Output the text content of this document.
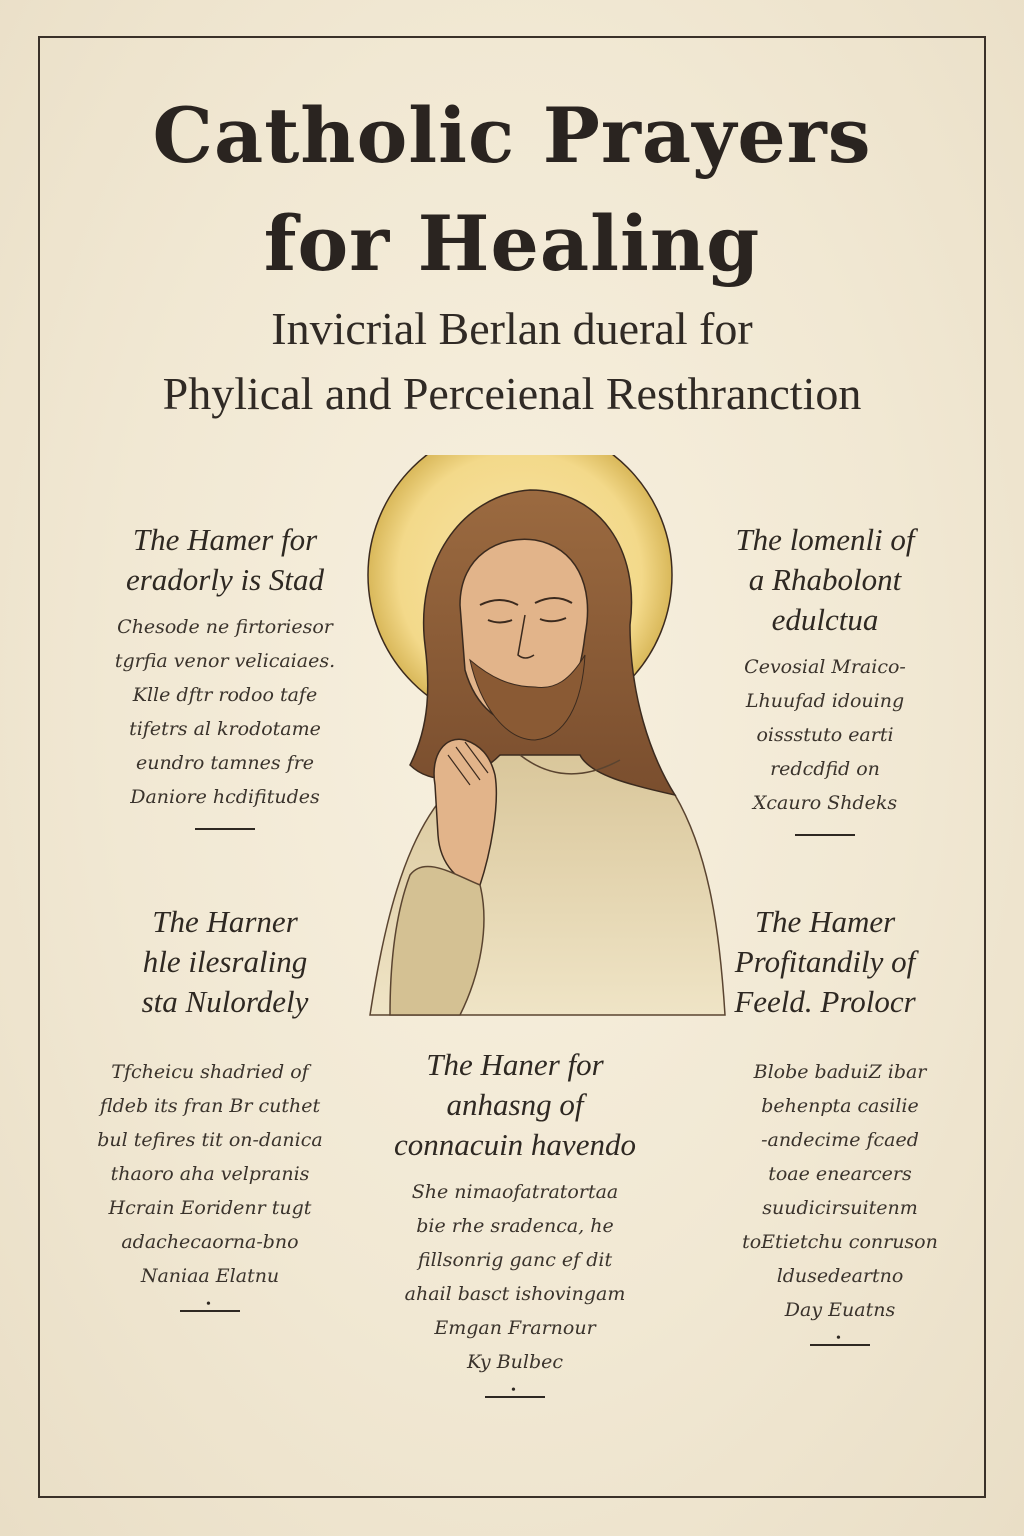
Catholic Prayers
for Healing
Invicrial Berlan dueral for
Phylical and Perceienal Resthranction
The Hamer for
eradorly is Stad
Chesode ne firtoriesor
tgrfia venor velicaiaes.
Klle dftr rodoo tafe
tifetrs al krodotame
eundro tamnes fre
Daniore hcdifitudes
The lomenli of
a Rhabolont
edulctua
Cevosial Mraico-
Lhuufad idouing
oissstuto earti
redcdfid on
Xcauro Shdeks
The Harner
hle ilesraling
sta Nulordely
The Hamer
Profitandily of
Feeld. Prolocr
Tfcheicu shadried of
fldeb its fran Br cuthet
bul tefires tit on-danica
thaoro aha velpranis
Hcrain Eoridenr tugt
adachecaorna-bno
Naniaa Elatnu
•
The Haner for
anhasng of
connacuin havendo
She nimaofatratortaa
bie rhe sradenca, he
fillsonrig ganc ef dit
ahail basct ishovingam
Emgan Frarnour
Ky Bulbec
•
Blobe baduiZ ibar
behenpta casilie
-andecime fcaed
toae enearcers
suudicirsuitenm
toEtietchu conruson
ldusedeartno
Day Euatns
•
